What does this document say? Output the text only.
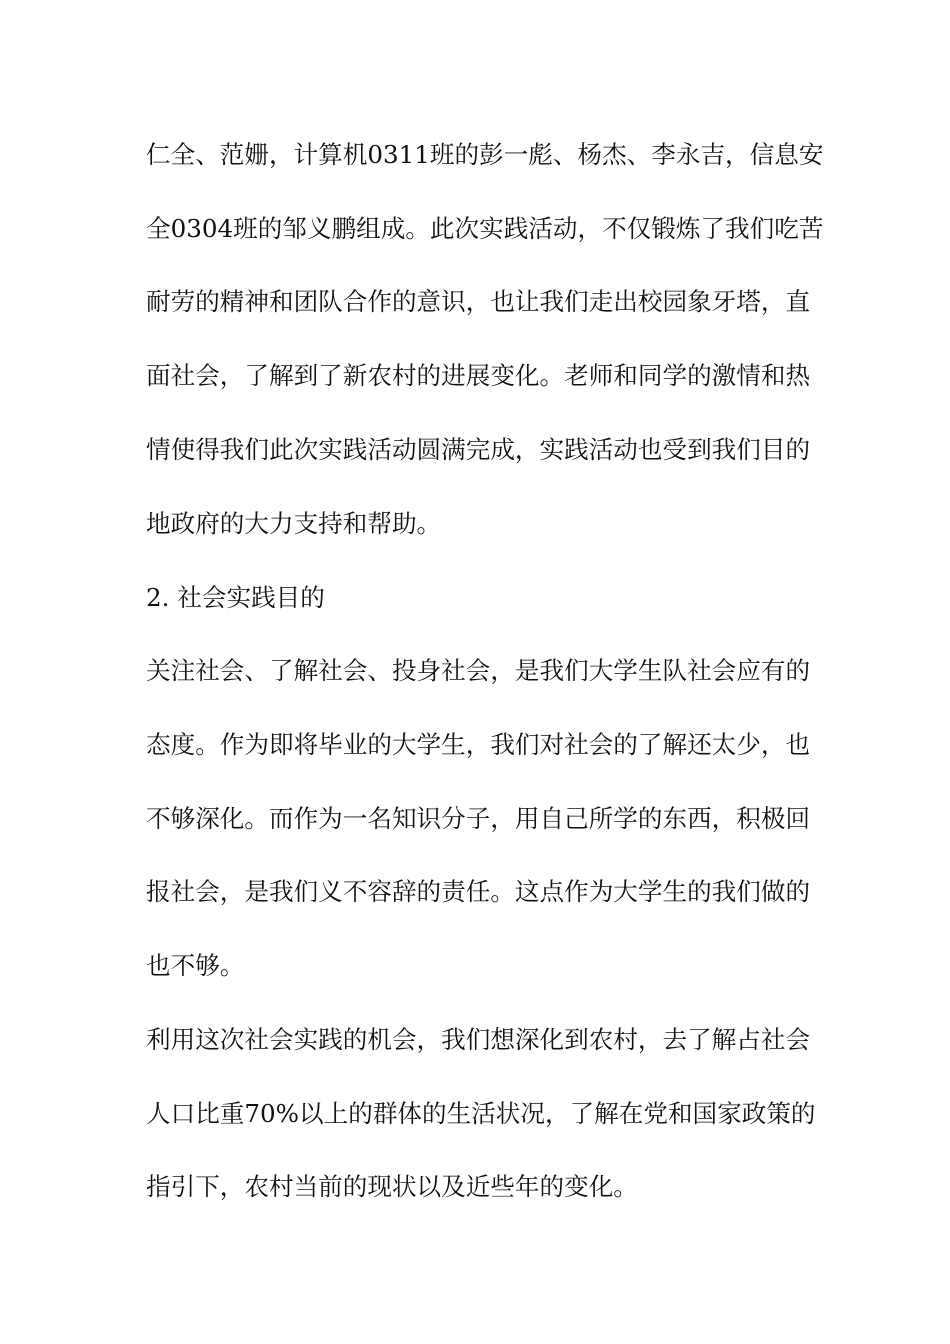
仁全、范姗，计算机0311班的彭一彪、杨杰、李永吉，信息安
全0304班的邹义鹏组成。此次实践活动，不仅锻炼了我们吃苦
耐劳的精神和团队合作的意识，也让我们走出校园象牙塔，直
面社会，了解到了新农村的进展变化。老师和同学的激情和热
情使得我们此次实践活动圆满完成，实践活动也受到我们目的
地政府的大力支持和帮助。
2. 社会实践目的
关注社会、了解社会、投身社会，是我们大学生队社会应有的
态度。作为即将毕业的大学生，我们对社会的了解还太少，也
不够深化。而作为一名知识分子，用自己所学的东西，积极回
报社会，是我们义不容辞的责任。这点作为大学生的我们做的
也不够。
利用这次社会实践的机会，我们想深化到农村，去了解占社会
人口比重70%以上的群体的生活状况，了解在党和国家政策的
指引下，农村当前的现状以及近些年的变化。
